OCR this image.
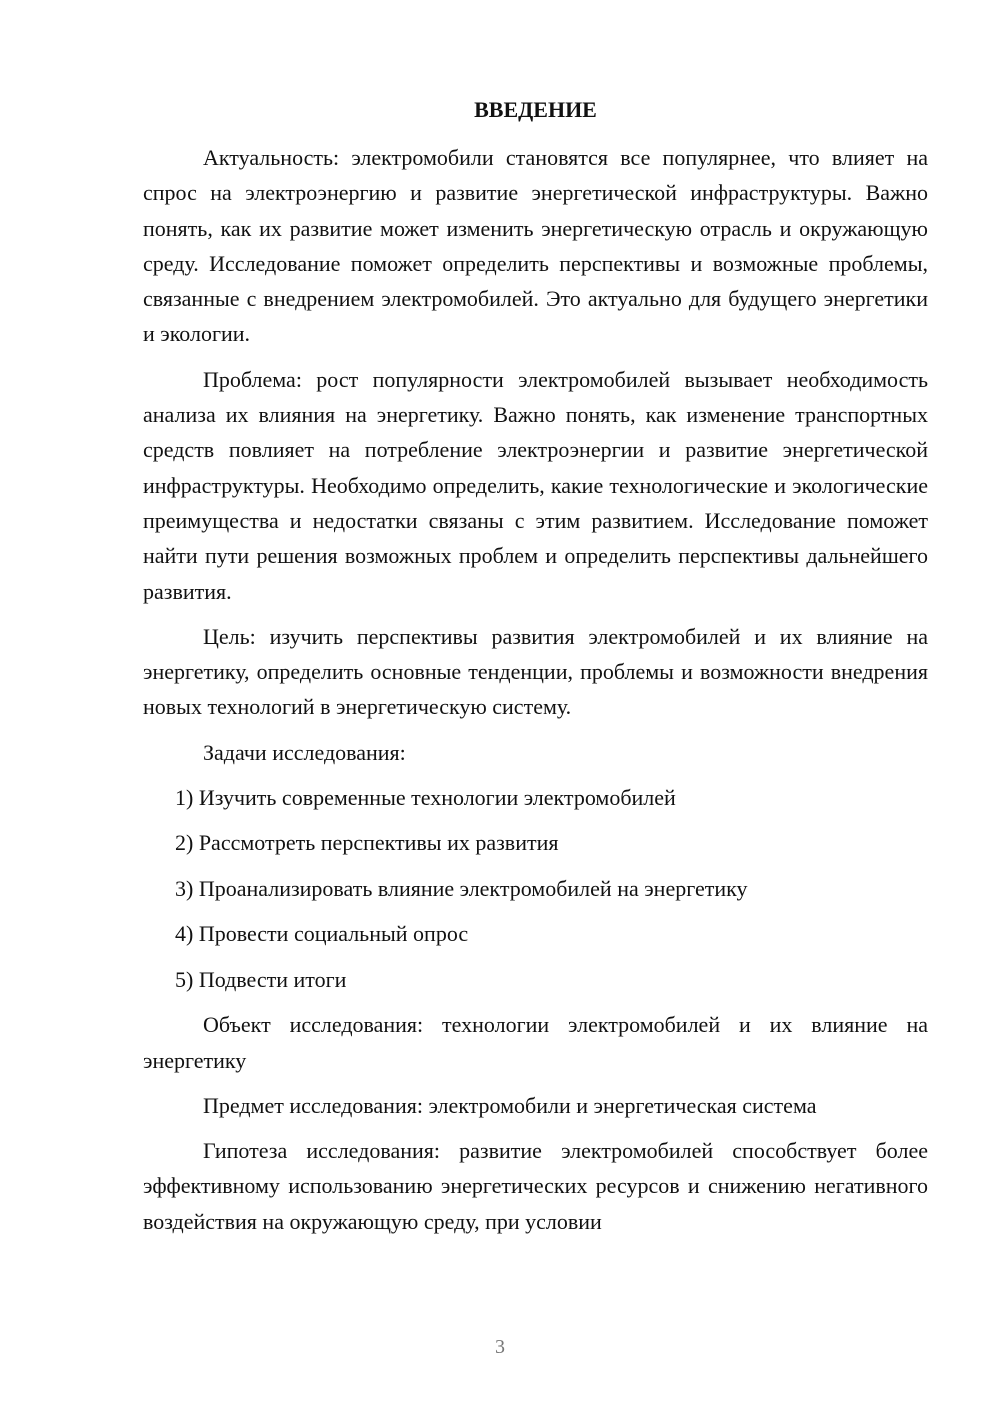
ВВЕДЕНИЕ

Актуальность: электромобили становятся все популярнее, что влияет на спрос на электроэнергию и развитие энергетической инфраструктуры. Важно понять, как их развитие может изменить энергетическую отрасль и окружающую среду. Исследование поможет определить перспективы и возможные проблемы, связанные с внедрением электромобилей. Это актуально для будущего энергетики и экологии.

Проблема: рост популярности электромобилей вызывает необходимость анализа их влияния на энергетику. Важно понять, как изменение транспортных средств повлияет на потребление электроэнергии и развитие энергетической инфраструктуры. Необходимо определить, какие технологические и экологические преимущества и недостатки связаны с этим развитием. Исследование поможет найти пути решения возможных проблем и определить перспективы дальнейшего развития.

Цель: изучить перспективы развития электромобилей и их влияние на энергетику, определить основные тенденции, проблемы и возможности внедрения новых технологий в энергетическую систему.

Задачи исследования:

1) Изучить современные технологии электромобилей
2) Рассмотреть перспективы их развития
3) Проанализировать влияние электромобилей на энергетику
4) Провести социальный опрос
5) Подвести итоги

Объект исследования: технологии электромобилей и их влияние на энергетику

Предмет исследования: электромобили и энергетическая система

Гипотеза исследования: развитие электромобилей способствует более эффективному использованию энергетических ресурсов и снижению негативного воздействия на окружающую среду, при условии

3
